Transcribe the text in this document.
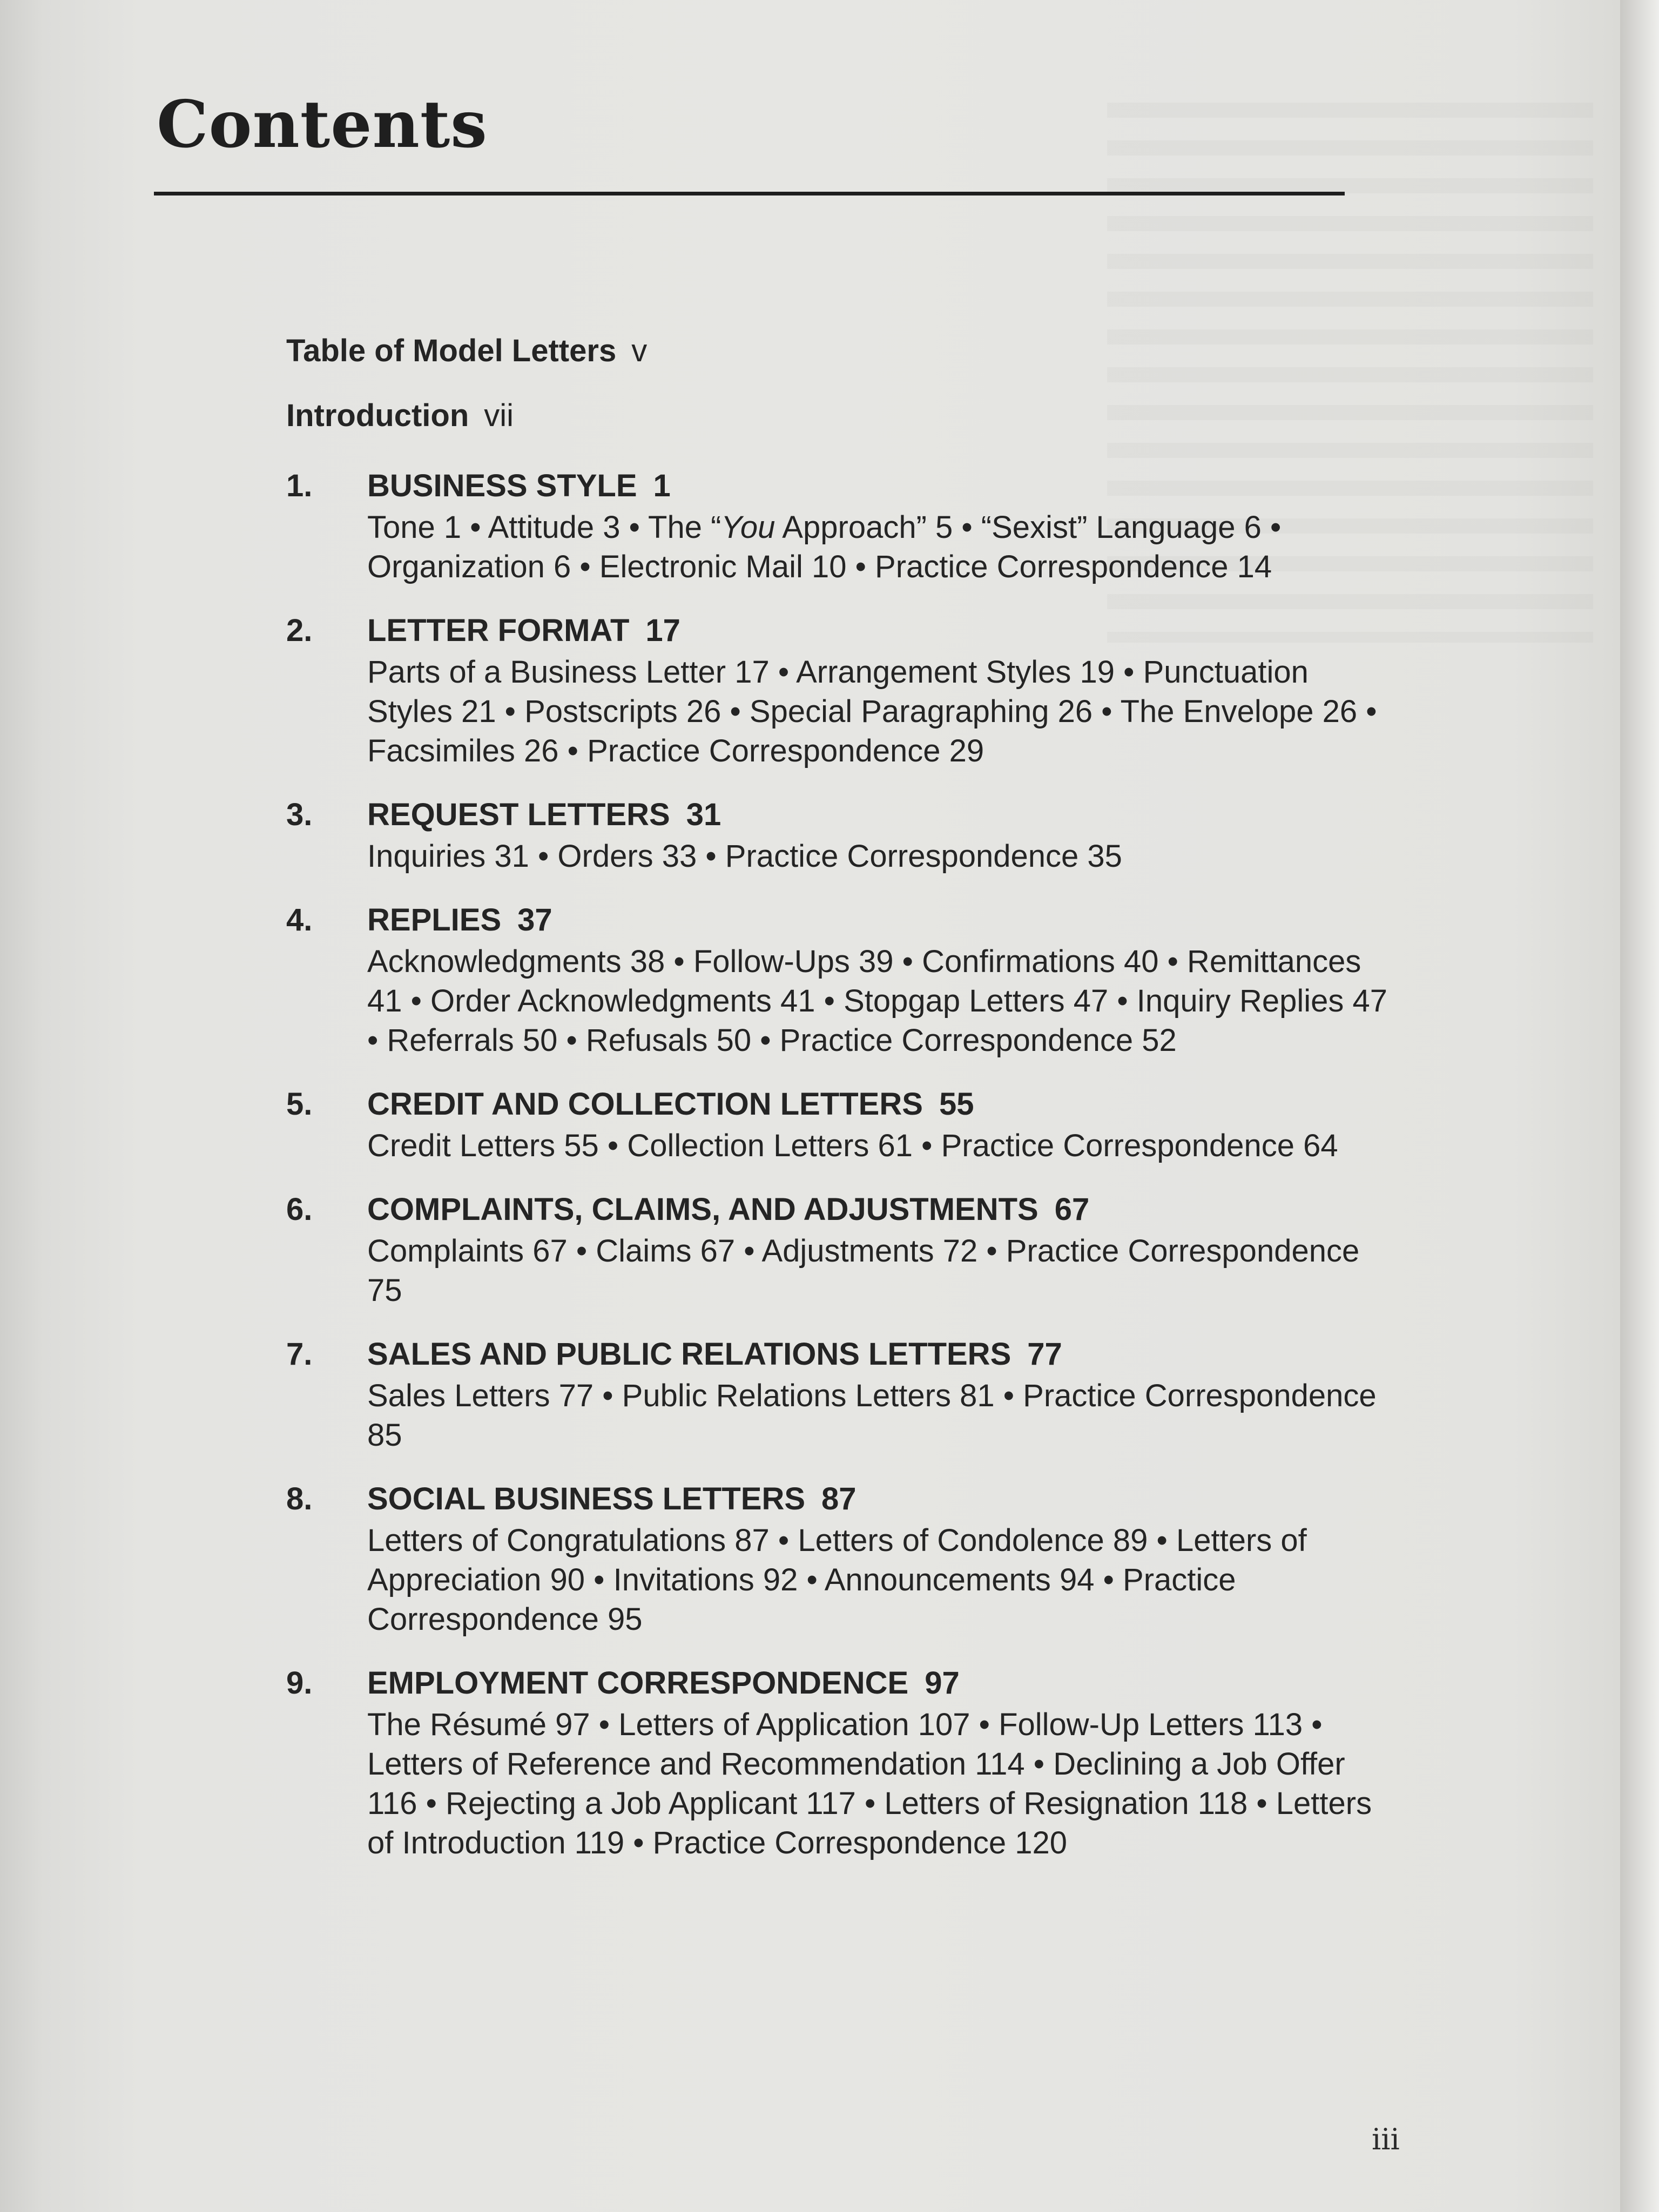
Contents
Table of Model Letters v
Introduction vii
1. BUSINESS STYLE 1
Tone 1 • Attitude 3 • The “You Approach” 5 • “Sexist” Language 6 • Organization 6 • Electronic Mail 10 • Practice Correspondence 14
2. LETTER FORMAT 17
Parts of a Business Letter 17 • Arrangement Styles 19 • Punctuation Styles 21 • Postscripts 26 • Special Paragraphing 26 • The Envelope 26 • Facsimiles 26 • Practice Correspondence 29
3. REQUEST LETTERS 31
Inquiries 31 • Orders 33 • Practice Correspondence 35
4. REPLIES 37
Acknowledgments 38 • Follow-Ups 39 • Confirmations 40 • Remittances 41 • Order Acknowledgments 41 • Stopgap Letters 47 • Inquiry Replies 47 • Referrals 50 • Refusals 50 • Practice Correspondence 52
5. CREDIT AND COLLECTION LETTERS 55
Credit Letters 55 • Collection Letters 61 • Practice Correspondence 64
6. COMPLAINTS, CLAIMS, AND ADJUSTMENTS 67
Complaints 67 • Claims 67 • Adjustments 72 • Practice Correspondence 75
7. SALES AND PUBLIC RELATIONS LETTERS 77
Sales Letters 77 • Public Relations Letters 81 • Practice Correspondence 85
8. SOCIAL BUSINESS LETTERS 87
Letters of Congratulations 87 • Letters of Condolence 89 • Letters of Appreciation 90 • Invitations 92 • Announcements 94 • Practice Correspondence 95
9. EMPLOYMENT CORRESPONDENCE 97
The Résumé 97 • Letters of Application 107 • Follow-Up Letters 113 • Letters of Reference and Recommendation 114 • Declining a Job Offer 116 • Rejecting a Job Applicant 117 • Letters of Resignation 118 • Letters of Introduction 119 • Practice Correspondence 120
iii
